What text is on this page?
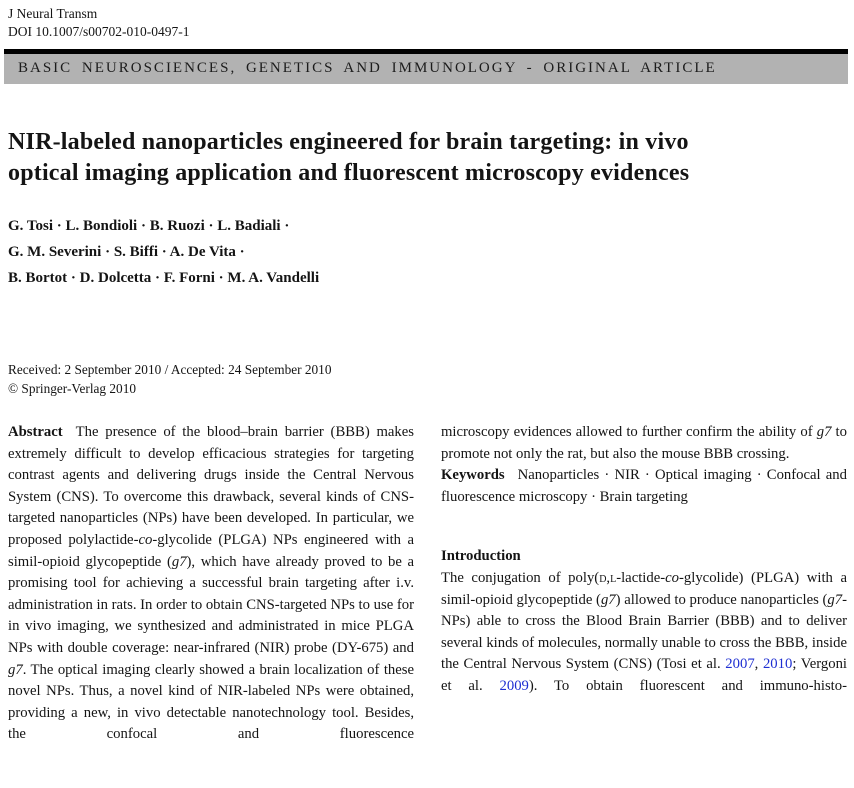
J Neural Transm
DOI 10.1007/s00702-010-0497-1
BASIC NEUROSCIENCES, GENETICS AND IMMUNOLOGY - ORIGINAL ARTICLE
NIR-labeled nanoparticles engineered for brain targeting: in vivo
optical imaging application and fluorescent microscopy evidences
G. Tosi · L. Bondioli · B. Ruozi · L. Badiali ·
G. M. Severini · S. Biffi · A. De Vita ·
B. Bortot · D. Dolcetta · F. Forni · M. A. Vandelli
Received: 2 September 2010 / Accepted: 24 September 2010
© Springer-Verlag 2010

Abstract The presence of the blood–brain barrier (BBB) makes extremely difficult to develop efficacious strategies for targeting contrast agents and delivering drugs inside the Central Nervous System (CNS). To overcome this drawback, several kinds of CNS-targeted nanoparticles (NPs) have been developed. In particular, we proposed polylactide-co-glycolide (PLGA) NPs engineered with a simil-opioid glycopeptide (g7), which have already proved to be a promising tool for achieving a successful brain targeting after i.v. administration in rats. In order to obtain CNS-targeted NPs to use for in vivo imaging, we synthesized and administrated in mice PLGA NPs with double coverage: near-infrared (NIR) probe (DY-675) and g7. The optical imaging clearly showed a brain localization of these novel NPs. Thus, a novel kind of NIR-labeled NPs were obtained, providing a new, in vivo detectable nanotechnology tool. Besides, the confocal and fluorescence

microscopy evidences allowed to further confirm the ability of g7 to promote not only the rat, but also the mouse BBB crossing.

Keywords Nanoparticles · NIR · Optical imaging · Confocal and fluorescence microscopy · Brain targeting

Introduction

The conjugation of poly(d,l-lactide-co-glycolide) (PLGA) with a simil-opioid glycopeptide (g7) allowed to produce nanoparticles (g7-NPs) able to cross the Blood Brain Barrier (BBB) and to deliver several kinds of molecules, normally unable to cross the BBB, inside the Central Nervous System (CNS) (Tosi et al. 2007, 2010; Vergoni et al. 2009). To obtain fluorescent and immuno-histo-
